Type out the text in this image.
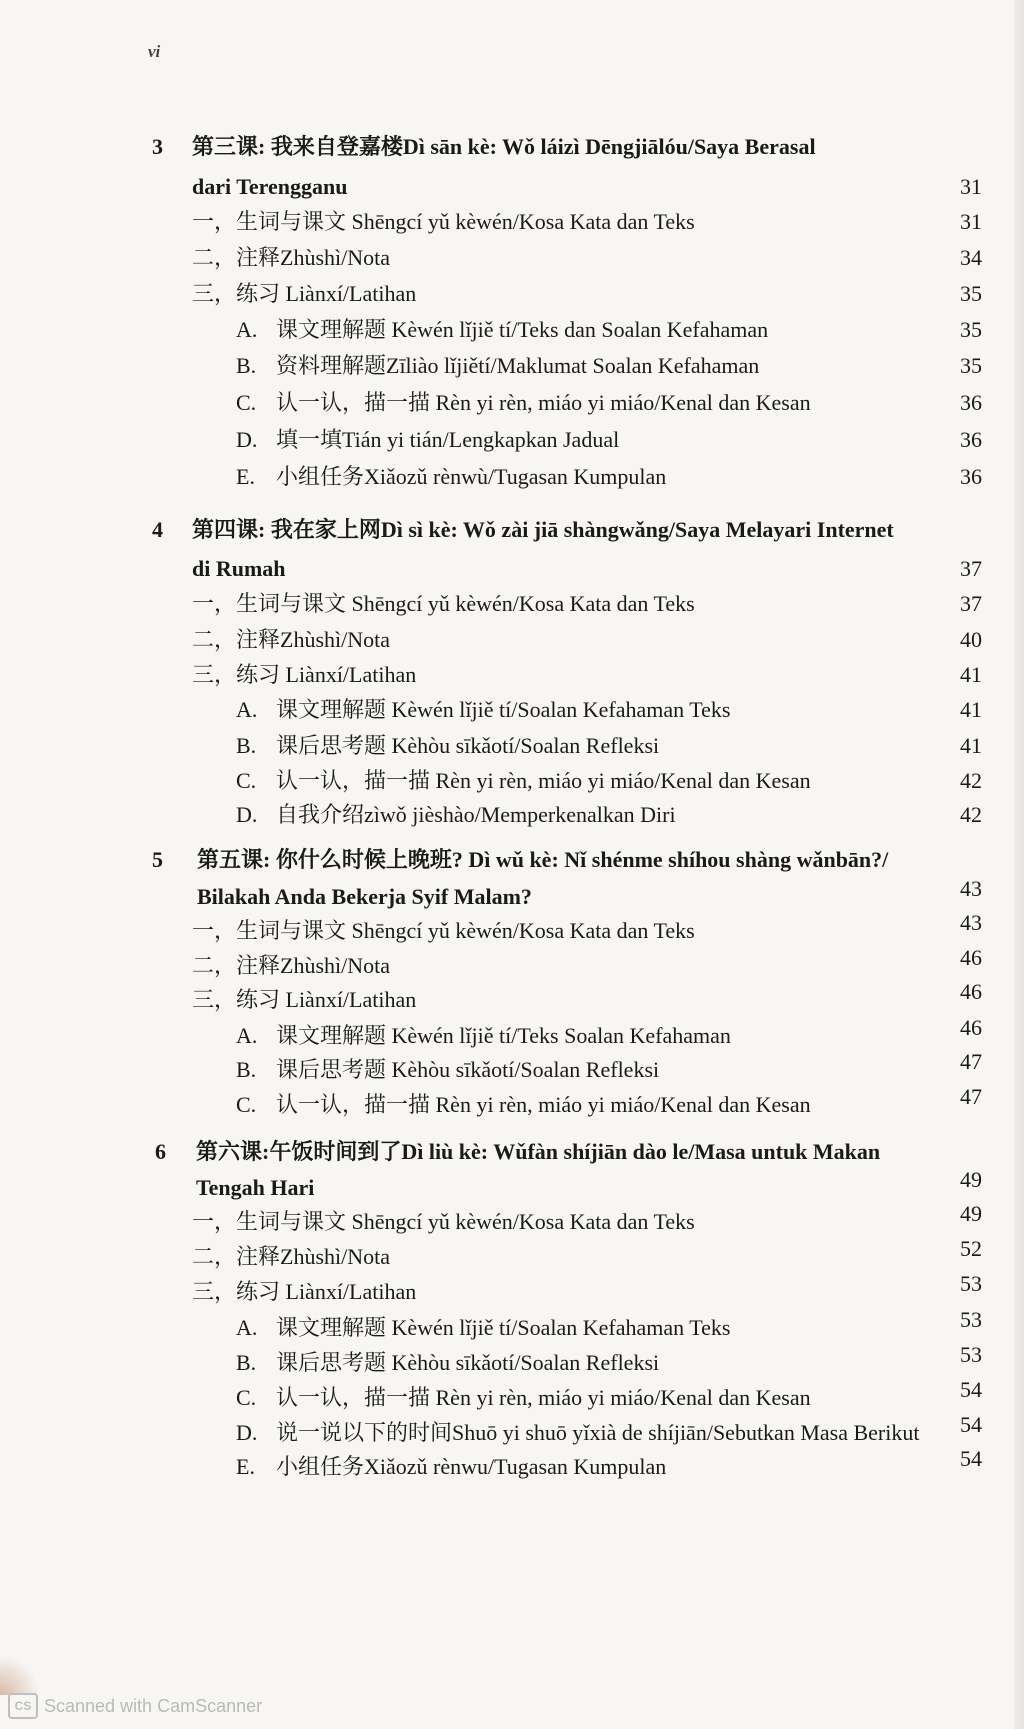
vi
3 第三课: 我来自登嘉楼Dì sān kè: Wǒ láizì Dēngjiālóu/Saya Berasal
dari Terengganu	31
一，生词与课文 Shēngcí yǔ kèwén/Kosa Kata dan Teks	31
二，注释Zhùshì/Nota	34
三，练习 Liànxí/Latihan	35
A. 课文理解题 Kèwén lǐjiě tí/Teks dan Soalan Kefahaman	35
B. 资料理解题Zīliào lǐjiětí/Maklumat Soalan Kefahaman	35
C. 认一认，描一描 Rèn yi rèn, miáo yi miáo/Kenal dan Kesan	36
D. 填一填Tián yi tián/Lengkapkan Jadual	36
E. 小组任务Xiǎozǔ rènwù/Tugasan Kumpulan	36
4 第四课: 我在家上网Dì sì kè: Wǒ zài jiā shàngwǎng/Saya Melayari Internet
di Rumah	37
一，生词与课文 Shēngcí yǔ kèwén/Kosa Kata dan Teks	37
二，注释Zhùshì/Nota	40
三，练习 Liànxí/Latihan	41
A. 课文理解题 Kèwén lǐjiě tí/Soalan Kefahaman Teks	41
B. 课后思考题 Kèhòu sīkǎotí/Soalan Refleksi	41
C. 认一认，描一描 Rèn yi rèn, miáo yi miáo/Kenal dan Kesan	42
D. 自我介绍zìwǒ jièshào/Memperkenalkan Diri	42
5 第五课: 你什么时候上晚班? Dì wǔ kè: Nǐ shénme shíhou shàng wǎnbān?/
Bilakah Anda Bekerja Syif Malam?	43
一，生词与课文 Shēngcí yǔ kèwén/Kosa Kata dan Teks	43
二，注释Zhùshì/Nota	46
三，练习 Liànxí/Latihan	46
A. 课文理解题 Kèwén lǐjiě tí/Teks Soalan Kefahaman	46
B. 课后思考题 Kèhòu sīkǎotí/Soalan Refleksi	47
C. 认一认，描一描 Rèn yi rèn, miáo yi miáo/Kenal dan Kesan	47
6 第六课:午饭时间到了Dì liù kè: Wǔfàn shíjiān dào le/Masa untuk Makan
Tengah Hari	49
一，生词与课文 Shēngcí yǔ kèwén/Kosa Kata dan Teks	49
二，注释Zhùshì/Nota	52
三，练习 Liànxí/Latihan	53
A. 课文理解题 Kèwén lǐjiě tí/Soalan Kefahaman Teks	53
B. 课后思考题 Kèhòu sīkǎotí/Soalan Refleksi	53
C. 认一认，描一描 Rèn yi rèn, miáo yi miáo/Kenal dan Kesan	54
D. 说一说以下的时间Shuō yi shuō yǐxià de shíjiān/Sebutkan Masa Berikut	54
E. 小组任务Xiǎozǔ rènwu/Tugasan Kumpulan	54
CS Scanned with CamScanner
